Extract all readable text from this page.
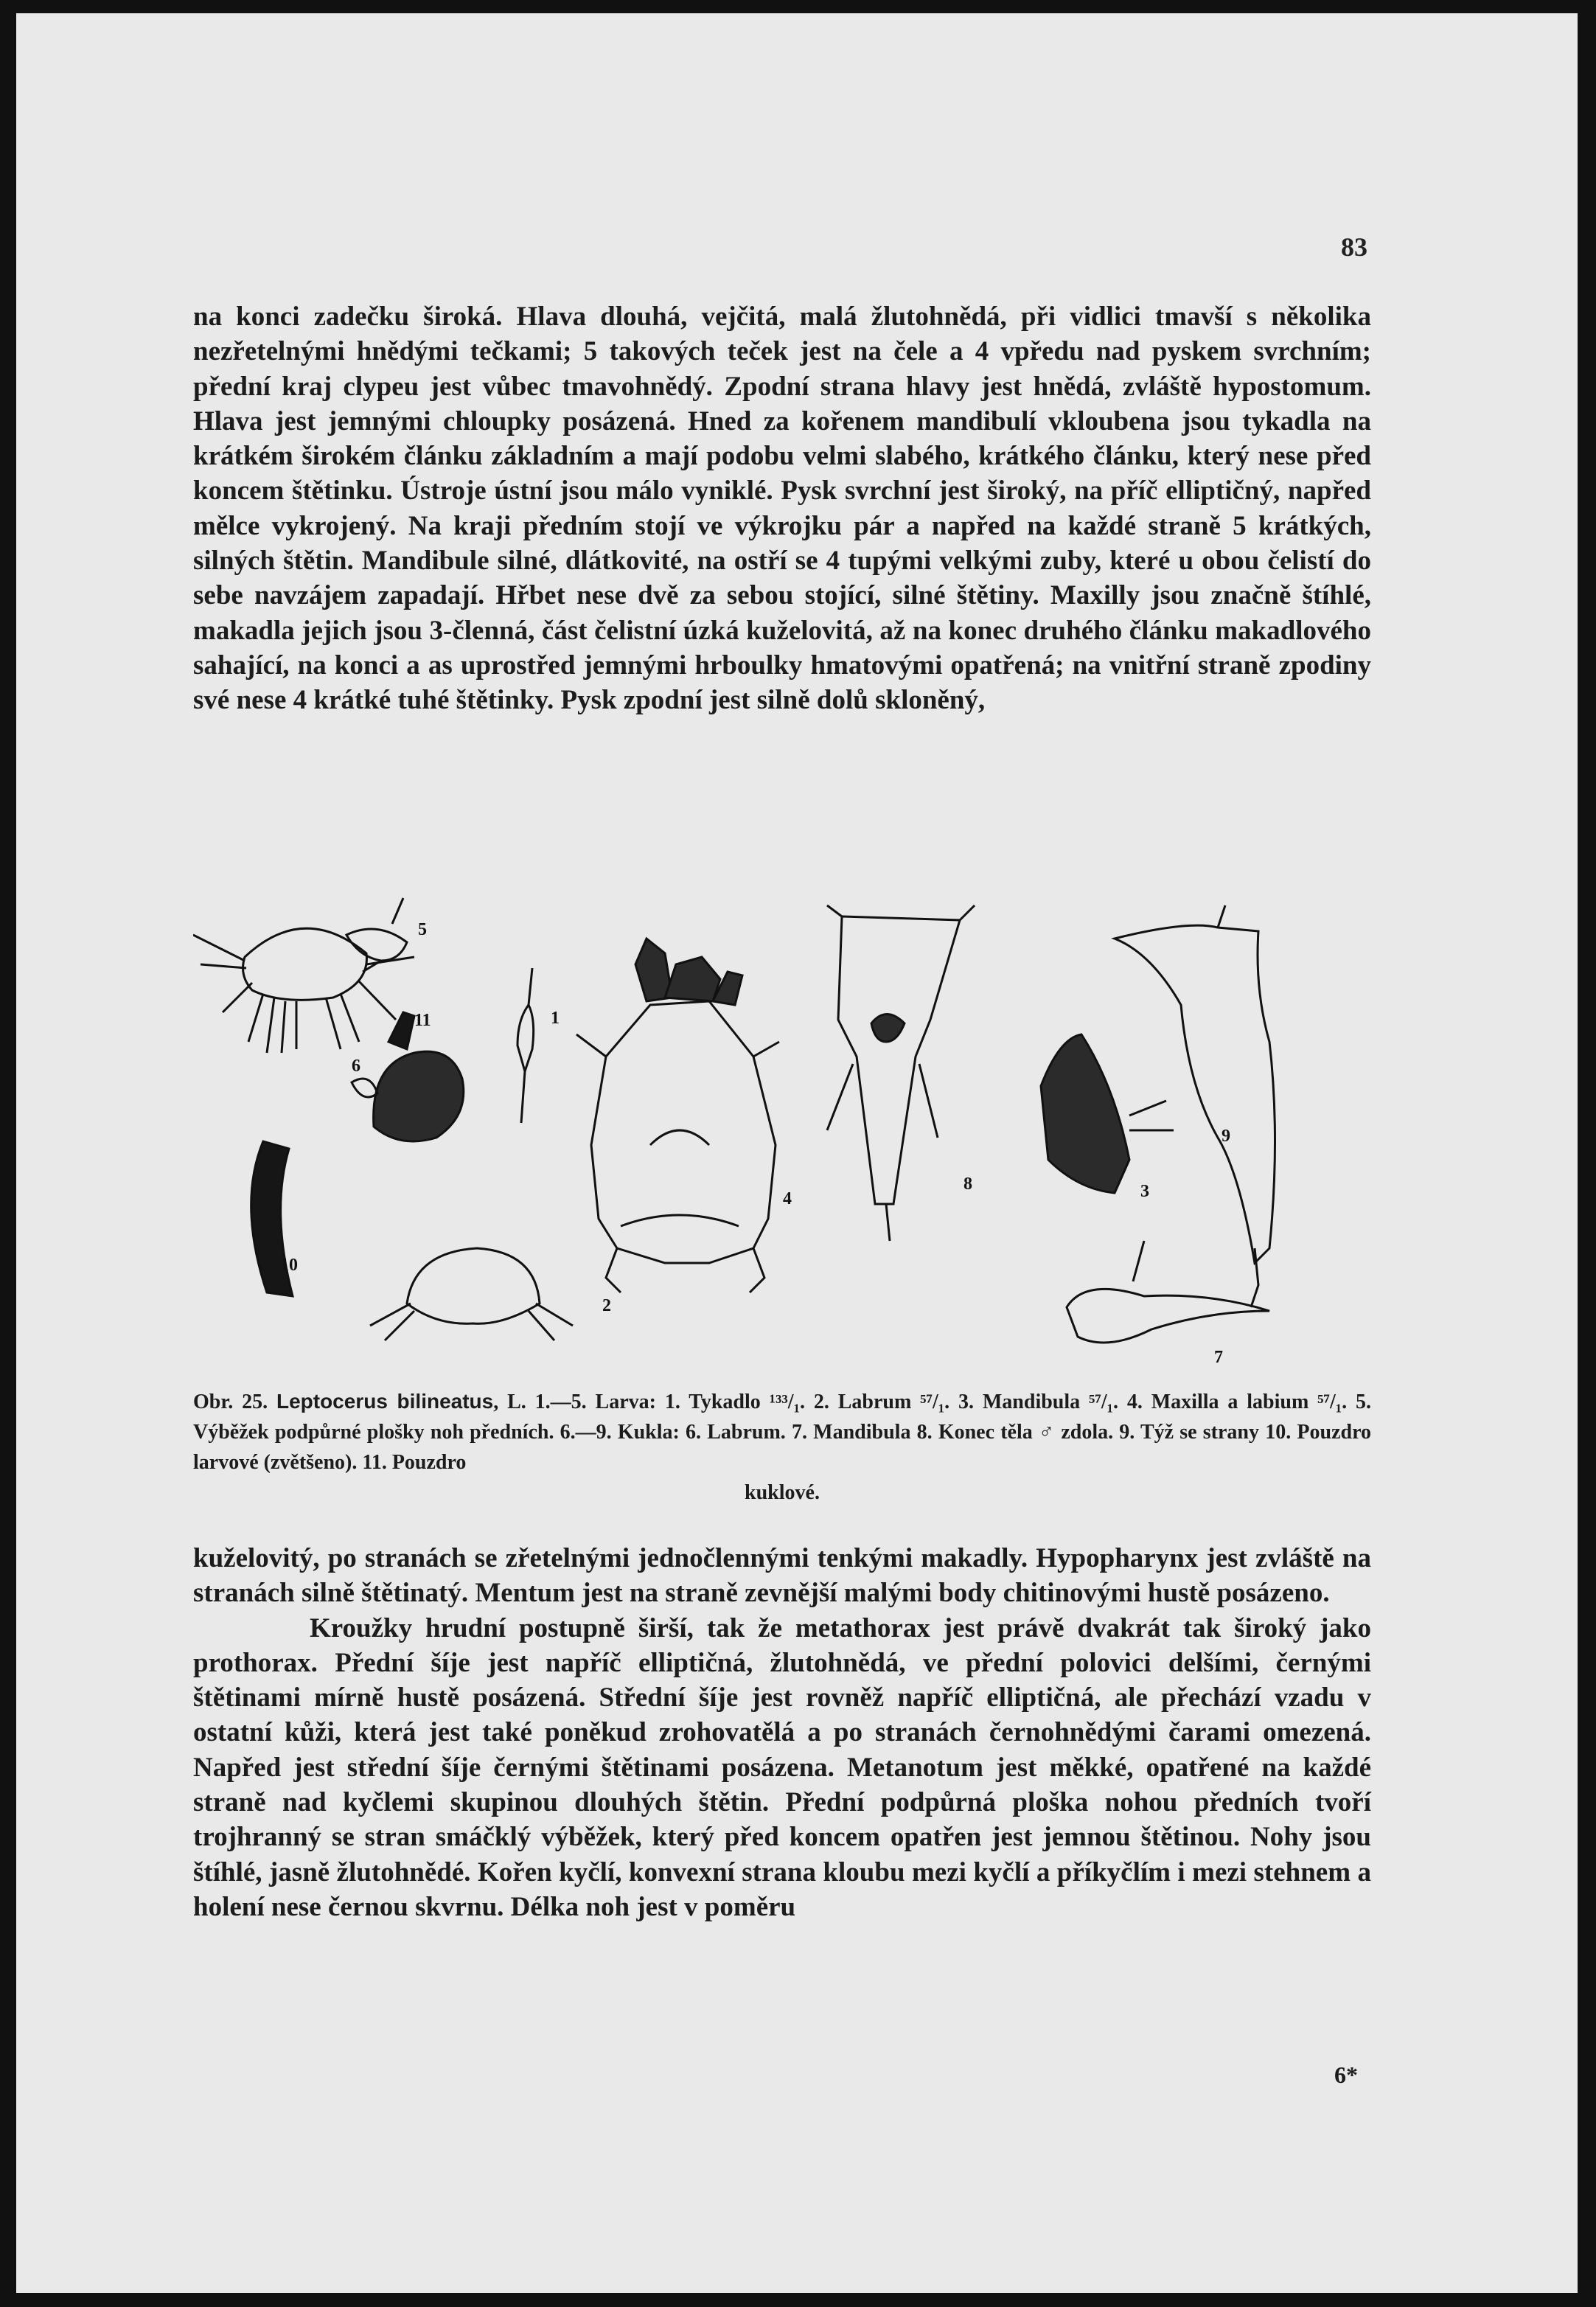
83

na konci zadečku široká. Hlava dlouhá, vejčitá, malá žlutohnědá, při vidlici tmavší s několika nezřetelnými hnědými tečkami; 5 takových teček jest na čele a 4 vpředu nad pyskem svrchním; přední kraj clypeu jest vůbec tmavohnědý. Zpodní strana hlavy jest hnědá, zvláště hypostomum. Hlava jest jemnými chloupky posázená. Hned za kořenem mandibulí vkloubena jsou tykadla na krátkém širokém článku základním a mají podobu velmi slabého, krátkého článku, který nese před koncem štětinku. Ústroje ústní jsou málo vyniklé. Pysk svrchní jest široký, na příč elliptičný, napřed mělce vykrojený. Na kraji předním stojí ve výkrojku pár a napřed na každé straně 5 krátkých, silných štětin. Mandibule silné, dlátkovité, na ostří se 4 tupými velkými zuby, které u obou čelistí do sebe navzájem zapadají. Hřbet nese dvě za sebou stojící, silné štětiny. Maxilly jsou značně štíhlé, makadla jejich jsou 3-členná, část čelistní úzká kuželovitá, až na konec druhého článku makadlového sahající, na konci a as uprostřed jemnými hrboulky hmatovými opatřená; na vnitřní straně zpodiny své nese 4 krátké tuhé štětinky. Pysk zpodní jest silně dolů skloněný,

6
5
11	1
10
2
4
8	3
9
7
Obr. 25. Leptocerus bilineatus, L. 1.—5. Larva: 1. Tykadlo ¹³³/₁. 2. Labrum ⁵⁷/₁. 3. Mandibula ⁵⁷/₁. 4. Maxilla a labium ⁵⁷/₁. 5. Výběžek podpůrné plošky noh předních. 6.—9. Kukla: 6. Labrum. 7. Mandibula 8. Konec těla ♂ zdola. 9. Týž se strany 10. Pouzdro larvové (zvětšeno). 11. Pouzdro
kuklové.

kuželovitý, po stranách se zřetelnými jednočlennými tenkými makadly. Hypopharynx jest zvláště na stranách silně štětinatý. Mentum jest na straně zevnější malými body chitinovými hustě posázeno.

Kroužky hrudní postupně širší, tak že metathorax jest právě dvakrát tak široký jako prothorax. Přední šíje jest napříč elliptičná, žlutohnědá, ve přední polovici delšími, černými štětinami mírně hustě posázená. Střední šíje jest rovněž napříč elliptičná, ale přechází vzadu v ostatní kůži, která jest také poněkud zrohovatělá a po stranách černohnědými čarami omezená. Napřed jest střední šíje černými štětinami posázena. Metanotum jest měkké, opatřené na každé straně nad kyčlemi skupinou dlouhých štětin. Přední podpůrná ploška nohou předních tvoří trojhranný se stran smáčklý výběžek, který před koncem opatřen jest jemnou štětinou. Nohy jsou štíhlé, jasně žlutohnědé. Kořen kyčlí, konvexní strana kloubu mezi kyčlí a příkyčlím i mezi stehnem a holení nese černou skvrnu. Délka noh jest v poměru

6*
